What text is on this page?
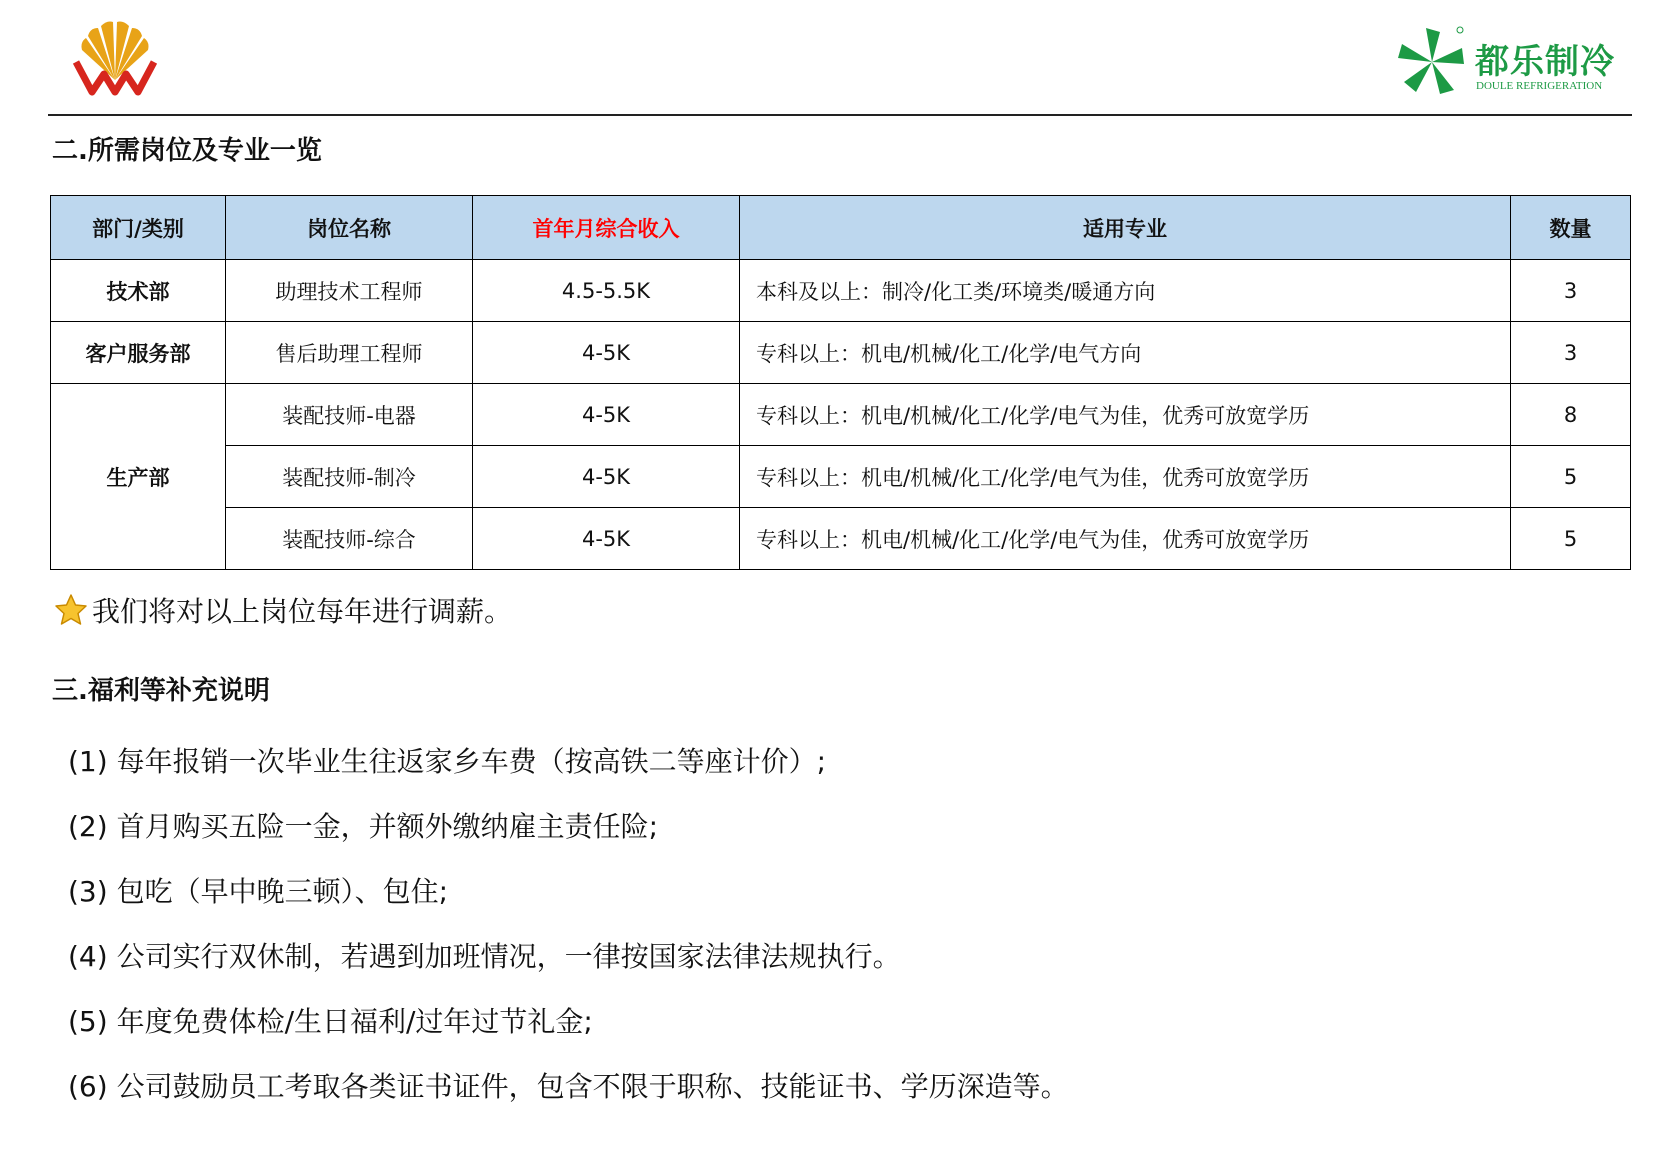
都乐制冷
DOULE REFRIGERATION
二.所需岗位及专业一览
部门/类别	岗位名称	首年月综合收入	适用专业	数量
技术部	助理技术工程师	4.5-5.5K	本科及以上：制冷/化工类/环境类/暖通方向	3
客户服务部	售后助理工程师	4-5K	专科以上：机电/机械/化工/化学/电气方向	3
生产部	装配技师-电器	4-5K	专科以上：机电/机械/化工/化学/电气为佳，优秀可放宽学历	8
	装配技师-制冷	4-5K	专科以上：机电/机械/化工/化学/电气为佳，优秀可放宽学历	5
	装配技师-综合	4-5K	专科以上：机电/机械/化工/化学/电气为佳，优秀可放宽学历	5
我们将对以上岗位每年进行调薪。
三.福利等补充说明
(1) 每年报销一次毕业生往返家乡车费（按高铁二等座计价）;
(2) 首月购买五险一金，并额外缴纳雇主责任险;
(3) 包吃（早中晚三顿）、包住;
(4) 公司实行双休制，若遇到加班情况，一律按国家法律法规执行。
(5) 年度免费体检/生日福利/过年过节礼金;
(6) 公司鼓励员工考取各类证书证件，包含不限于职称、技能证书、学历深造等。
